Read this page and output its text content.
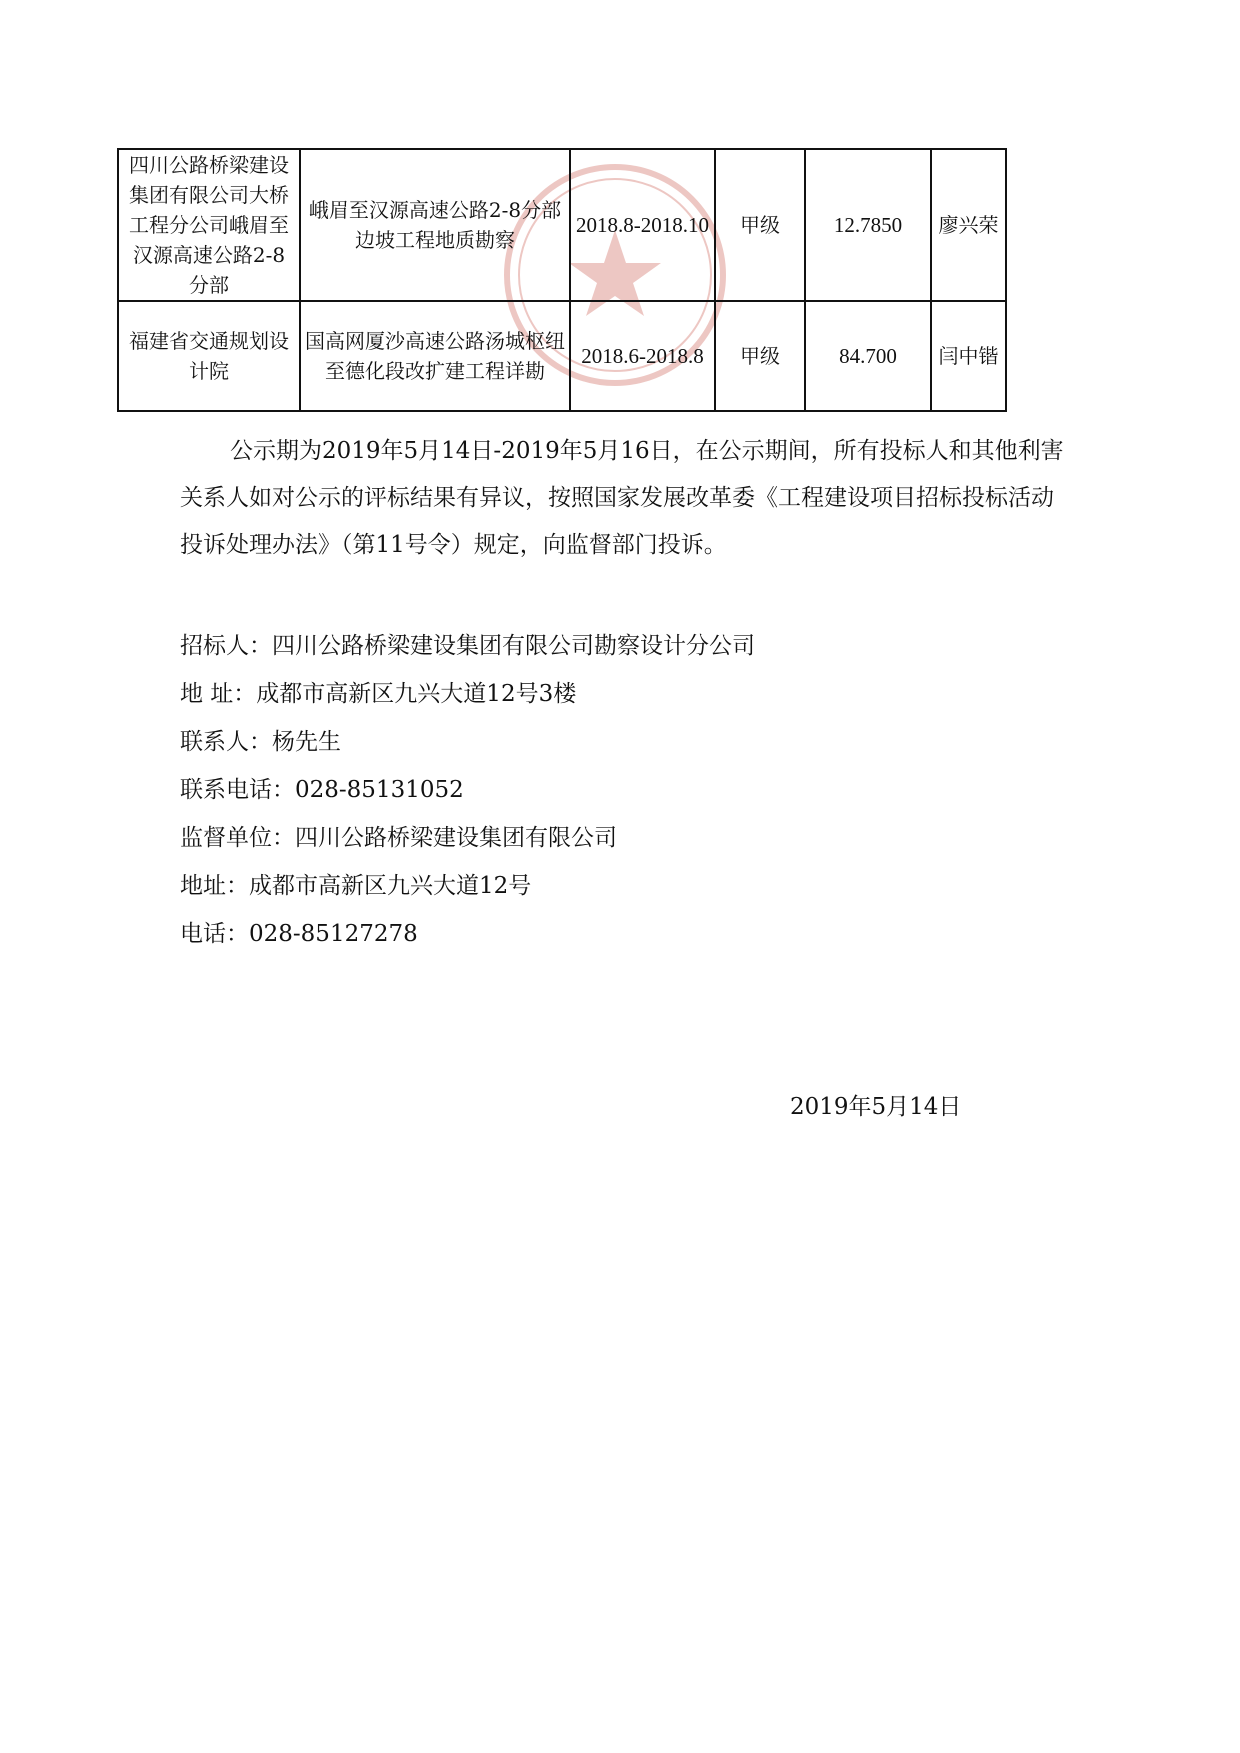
四川公路桥梁建设集团有限公司大桥工程分公司峨眉至汉源高速公路2-8分部	峨眉至汉源高速公路2-8分部边坡工程地质勘察	2018.8-2018.10	甲级	12.7850	廖兴荣
福建省交通规划设计院	国高网厦沙高速公路汤城枢纽至德化段改扩建工程详勘	2018.6-2018.8	甲级	84.700	闫中锴

公示期为2019年5月14日-2019年5月16日，在公示期间，所有投标人和其他利害关系人如对公示的评标结果有异议，按照国家发展改革委《工程建设项目招标投标活动投诉处理办法》（第11号令）规定，向监督部门投诉。

招标人：四川公路桥梁建设集团有限公司勘察设计分公司
地 址：成都市高新区九兴大道12号3楼
联系人：杨先生
联系电话：028-85131052
监督单位：四川公路桥梁建设集团有限公司
地址：成都市高新区九兴大道12号
电话：028-85127278
2019年5月14日
